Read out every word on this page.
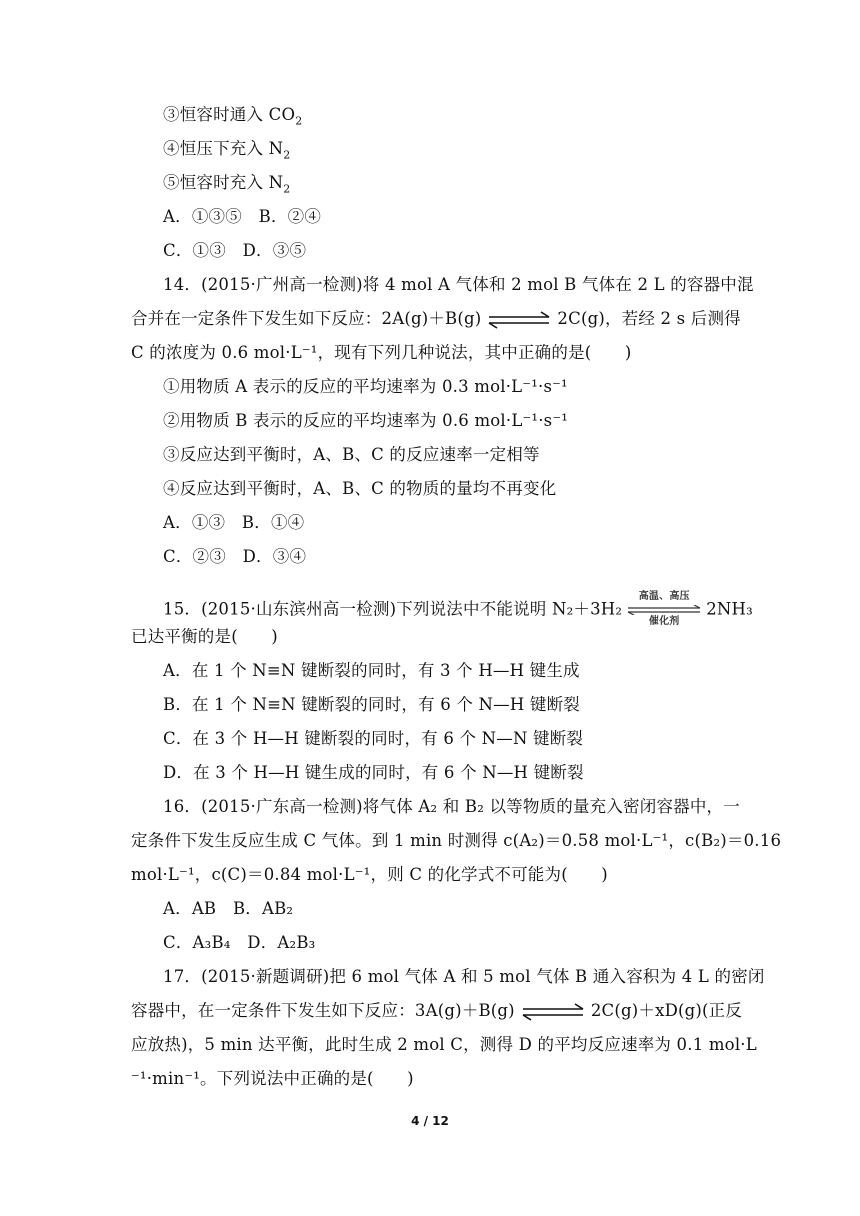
③恒容时通入 $CO_2$
④恒压下充入 $N_2$
⑤恒容时充入 $N_2$
A．①③⑤　B．②④
C．①③　D．③⑤
14．(2015·广州高一检测)将 4 mol A 气体和 2 mol B 气体在 2 L 的容器中混
合并在一定条件下发生如下反应：2A(g)＋B(g)	2C(g)，若经 2 s 后测得
C 的浓度为 0.6 mol·L⁻¹，现有下列几种说法，其中正确的是(　　)
①用物质 A 表示的反应的平均速率为 0.3 mol·L⁻¹·s⁻¹
②用物质 B 表示的反应的平均速率为 0.6 mol·L⁻¹·s⁻¹
③反应达到平衡时，A、B、C 的反应速率一定相等
④反应达到平衡时，A、B、C 的物质的量均不再变化
A．①③　B．①④
C．②③　D．③④
15．(2015·山东滨州高一检测)下列说法中不能说明 N₂＋3H₂
高温、高压
催化剂
2NH₃
已达平衡的是(　　)
A．在 1 个 N≡N 键断裂的同时，有 3 个 H—H 键生成
B．在 1 个 N≡N 键断裂的同时，有 6 个 N—H 键断裂
C．在 3 个 H—H 键断裂的同时，有 6 个 N—N 键断裂
D．在 3 个 H—H 键生成的同时，有 6 个 N—H 键断裂
16．(2015·广东高一检测)将气体 A₂ 和 B₂ 以等物质的量充入密闭容器中，一
定条件下发生反应生成 C 气体。到 1 min 时测得 c(A₂)＝0.58 mol·L⁻¹，c(B₂)＝0.16
mol·L⁻¹，c(C)＝0.84 mol·L⁻¹，则 C 的化学式不可能为(　　)
A．AB　B．AB₂
C．A₃B₄　D．A₂B₃
17．(2015·新题调研)把 6 mol 气体 A 和 5 mol 气体 B 通入容积为 4 L 的密闭
容器中，在一定条件下发生如下反应：3A(g)＋B(g)	2C(g)＋xD(g)(正反
应放热)，5 min 达平衡，此时生成 2 mol C，测得 D 的平均反应速率为 0.1 mol·L
⁻¹·min⁻¹。下列说法中正确的是(　　)
4 / 12
